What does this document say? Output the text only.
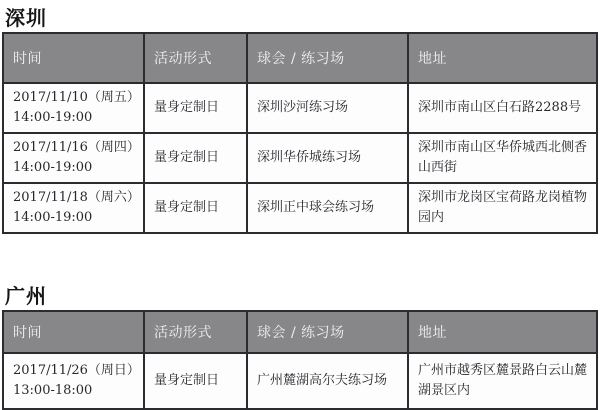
深圳
时间	活动形式	球会 / 练习场	地址

2017/11/10（周五）
14:00-19:00	量身定制日	深圳沙河练习场	深圳市南山区白石路2288号

2017/11/16（周四）
14:00-19:00	量身定制日	深圳华侨城练习场	深圳市南山区华侨城西北侧香山西街

2017/11/18（周六）
14:00-19:00	量身定制日	深圳正中球会练习场	深圳市龙岗区宝荷路龙岗植物园内
广州
时间	活动形式	球会 / 练习场	地址

2017/11/26（周日）
13:00-18:00	量身定制日	广州麓湖高尔夫练习场	广州市越秀区麓景路白云山麓湖景区内
